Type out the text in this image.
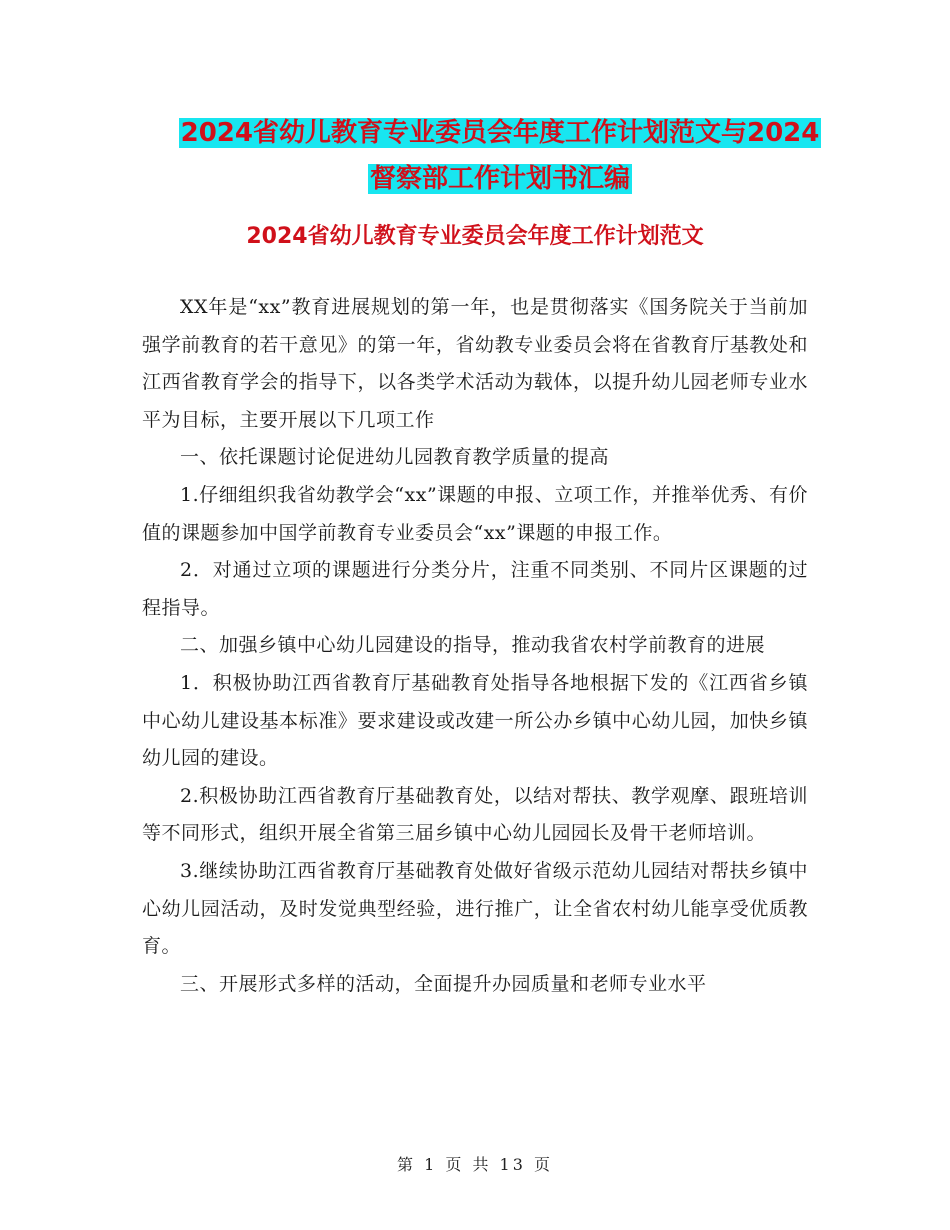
2024省幼儿教育专业委员会年度工作计划范文与2024
督察部工作计划书汇编
2024省幼儿教育专业委员会年度工作计划范文

XX年是“xx”教育进展规划的第一年，也是贯彻落实《国务院关于当前加强学前教育的若干意见》的第一年，省幼教专业委员会将在省教育厅基教处和江西省教育学会的指导下，以各类学术活动为载体，以提升幼儿园老师专业水平为目标，主要开展以下几项工作

一、依托课题讨论促进幼儿园教育教学质量的提高

1.仔细组织我省幼教学会“xx”课题的申报、立项工作，并推举优秀、有价值的课题参加中国学前教育专业委员会“xx”课题的申报工作。

2．对通过立项的课题进行分类分片，注重不同类别、不同片区课题的过程指导。

二、加强乡镇中心幼儿园建设的指导，推动我省农村学前教育的进展

1．积极协助江西省教育厅基础教育处指导各地根据下发的《江西省乡镇中心幼儿建设基本标准》要求建设或改建一所公办乡镇中心幼儿园，加快乡镇幼儿园的建设。

2.积极协助江西省教育厅基础教育处，以结对帮扶、教学观摩、跟班培训等不同形式，组织开展全省第三届乡镇中心幼儿园园长及骨干老师培训。

3.继续协助江西省教育厅基础教育处做好省级示范幼儿园结对帮扶乡镇中心幼儿园活动，及时发觉典型经验，进行推广，让全省农村幼儿能享受优质教育。

三、开展形式多样的活动，全面提升办园质量和老师专业水平

第 1 页 共 13 页
